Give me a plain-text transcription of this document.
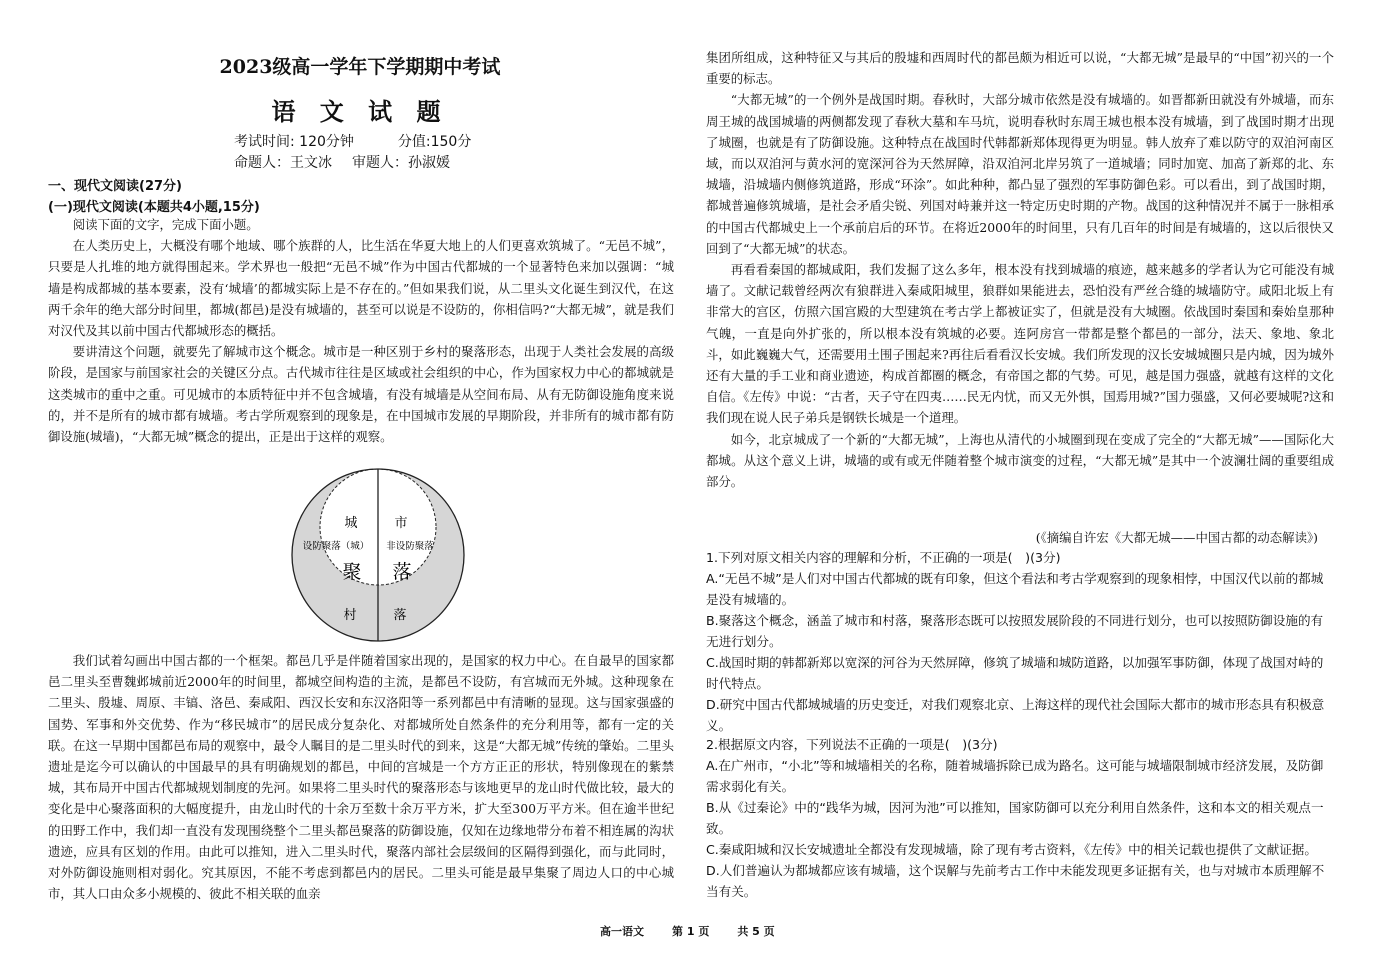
2023级高一学年下学期期中考试
语 文 试 题
考试时间: 120分钟	分值:150分
命题人：王文冰 审题人：孙淑媛
一、现代文阅读(27分)
(一)现代文阅读(本题共4小题,15分)

阅读下面的文字，完成下面小题。

在人类历史上，大概没有哪个地域、哪个族群的人，比生活在华夏大地上的人们更喜欢筑城了。“无邑不城”，只要是人扎堆的地方就得围起来。学术界也一般把“无邑不城”作为中国古代都城的一个显著特色来加以强调：“城墙是构成都城的基本要素，没有‘城墙’的都城实际上是不存在的。”但如果我们说，从二里头文化诞生到汉代，在这两千余年的绝大部分时间里，都城(都邑)是没有城墙的，甚至可以说是不设防的，你相信吗?“大都无城”，就是我们对汉代及其以前中国古代都城形态的概括。

要讲清这个问题，就要先了解城市这个概念。城市是一种区别于乡村的聚落形态，出现于人类社会发展的高级阶段，是国家与前国家社会的关键区分点。古代城市往往是区域或社会组织的中心，作为国家权力中心的都城就是这类城市的重中之重。可见城市的本质特征中并不包含城墙，有没有城墙是从空间布局、从有无防御设施角度来说的，并不是所有的城市都有城墙。考古学所观察到的现象是，在中国城市发展的早期阶段，并非所有的城市都有防御设施(城墙)，“大都无城”概念的提出，正是出于这样的观察。

城	市
设防聚落（城） 非设防聚落
聚 落
村	落

我们试着勾画出中国古都的一个框架。都邑几乎是伴随着国家出现的，是国家的权力中心。在自最早的国家都邑二里头至曹魏邺城前近2000年的时间里，都城空间构造的主流，是都邑不设防，有宫城而无外城。这种现象在二里头、殷墟、周原、丰镐、洛邑、秦咸阳、西汉长安和东汉洛阳等一系列都邑中有清晰的显现。这与国家强盛的国势、军事和外交优势、作为“移民城市”的居民成分复杂化、对都城所处自然条件的充分利用等，都有一定的关联。在这一早期中国都邑布局的观察中，最令人瞩目的是二里头时代的到来，这是“大都无城”传统的肇始。二里头遗址是迄今可以确认的中国最早的具有明确规划的都邑，中间的宫城是一个方方正正的形状，特别像现在的紫禁城，其布局开中国古代都城规划制度的先河。如果将二里头时代的聚落形态与该地更早的龙山时代做比较，最大的变化是中心聚落面积的大幅度提升，由龙山时代的十余万至数十余万平方米，扩大至300万平方米。但在逾半世纪的田野工作中，我们却一直没有发现围绕整个二里头都邑聚落的防御设施，仅知在边缘地带分布着不相连属的沟状遗迹，应具有区划的作用。由此可以推知，进入二里头时代，聚落内部社会层级间的区隔得到强化，而与此同时，对外防御设施则相对弱化。究其原因，不能不考虑到都邑内的居民。二里头可能是最早集聚了周边人口的中心城市，其人口由众多小规模的、彼此不相关联的血亲

集团所组成，这种特征又与其后的殷墟和西周时代的都邑颇为相近可以说，“大都无城”是最早的“中国”初兴的一个重要的标志。

“大都无城”的一个例外是战国时期。春秋时，大部分城市依然是没有城墙的。如晋都新田就没有外城墙，而东周王城的战国城墙的两侧都发现了春秋大墓和车马坑，说明春秋时东周王城也根本没有城墙，到了战国时期才出现了城圈，也就是有了防御设施。这种特点在战国时代韩都新郑体现得更为明显。韩人放弃了难以防守的双洎河南区域，而以双洎河与黄水河的宽深河谷为天然屏障，沿双洎河北岸另筑了一道城墙；同时加宽、加高了新郑的北、东城墙，沿城墙内侧修筑道路，形成“环涂”。如此种种，都凸显了强烈的军事防御色彩。可以看出，到了战国时期，都城普遍修筑城墙，是社会矛盾尖锐、列国对峙兼并这一特定历史时期的产物。战国的这种情况并不属于一脉相承的中国古代都城史上一个承前启后的环节。在将近2000年的时间里，只有几百年的时间是有城墙的，这以后很快又回到了“大都无城”的状态。

再看看秦国的都城咸阳，我们发掘了这么多年，根本没有找到城墙的痕迹，越来越多的学者认为它可能没有城墙了。文献记载曾经两次有狼群进入秦咸阳城里，狼群如果能进去，恐怕没有严丝合缝的城墙防守。咸阳北坂上有非常大的宫区，仿照六国宫殿的大型建筑在考古学上都被证实了，但就是没有大城圈。依战国时秦国和秦始皇那种气魄，一直是向外扩张的，所以根本没有筑城的必要。连阿房宫一带都是整个都邑的一部分，法天、象地、象北斗，如此巍巍大气，还需要用土围子围起来?再往后看看汉长安城。我们所发现的汉长安城城圈只是内城，因为城外还有大量的手工业和商业遗迹，构成首都圈的概念，有帝国之都的气势。可见，越是国力强盛，就越有这样的文化自信。《左传》中说：“古者，天子守在四夷……民无内忧，而又无外惧，国焉用城?”国力强盛，又何必要城呢?这和我们现在说人民子弟兵是钢铁长城是一个道理。

如今，北京城成了一个新的“大都无城”，上海也从清代的小城圈到现在变成了完全的“大都无城”——国际化大都城。从这个意义上讲，城墙的或有或无伴随着整个城市演变的过程，“大都无城”是其中一个波澜壮阔的重要组成部分。

(《摘编自许宏《大都无城——中国古都的动态解读》)

1.下列对原文相关内容的理解和分析，不正确的一项是(　)(3分)

A.“无邑不城”是人们对中国古代都城的既有印象，但这个看法和考古学观察到的现象相悖，中国汉代以前的都城是没有城墙的。

B.聚落这个概念，涵盖了城市和村落，聚落形态既可以按照发展阶段的不同进行划分，也可以按照防御设施的有无进行划分。

C.战国时期的韩都新郑以宽深的河谷为天然屏障，修筑了城墙和城防道路，以加强军事防御，体现了战国对峙的时代特点。

D.研究中国古代都城城墙的历史变迁，对我们观察北京、上海这样的现代社会国际大都市的城市形态具有积极意义。

2.根据原文内容，下列说法不正确的一项是(　)(3分)

A.在广州市，“小北”等和城墙相关的名称，随着城墙拆除已成为路名。这可能与城墙限制城市经济发展，及防御需求弱化有关。

B.从《过秦论》中的“践华为城，因河为池”可以推知，国家防御可以充分利用自然条件，这和本文的相关观点一致。

C.秦咸阳城和汉长安城遗址全都没有发现城墙，除了现有考古资料，《左传》中的相关记载也提供了文献证据。

D.人们普遍认为都城都应该有城墙，这个误解与先前考古工作中未能发现更多证据有关，也与对城市本质理解不当有关。

高一语文	第 1 页	共 5 页
